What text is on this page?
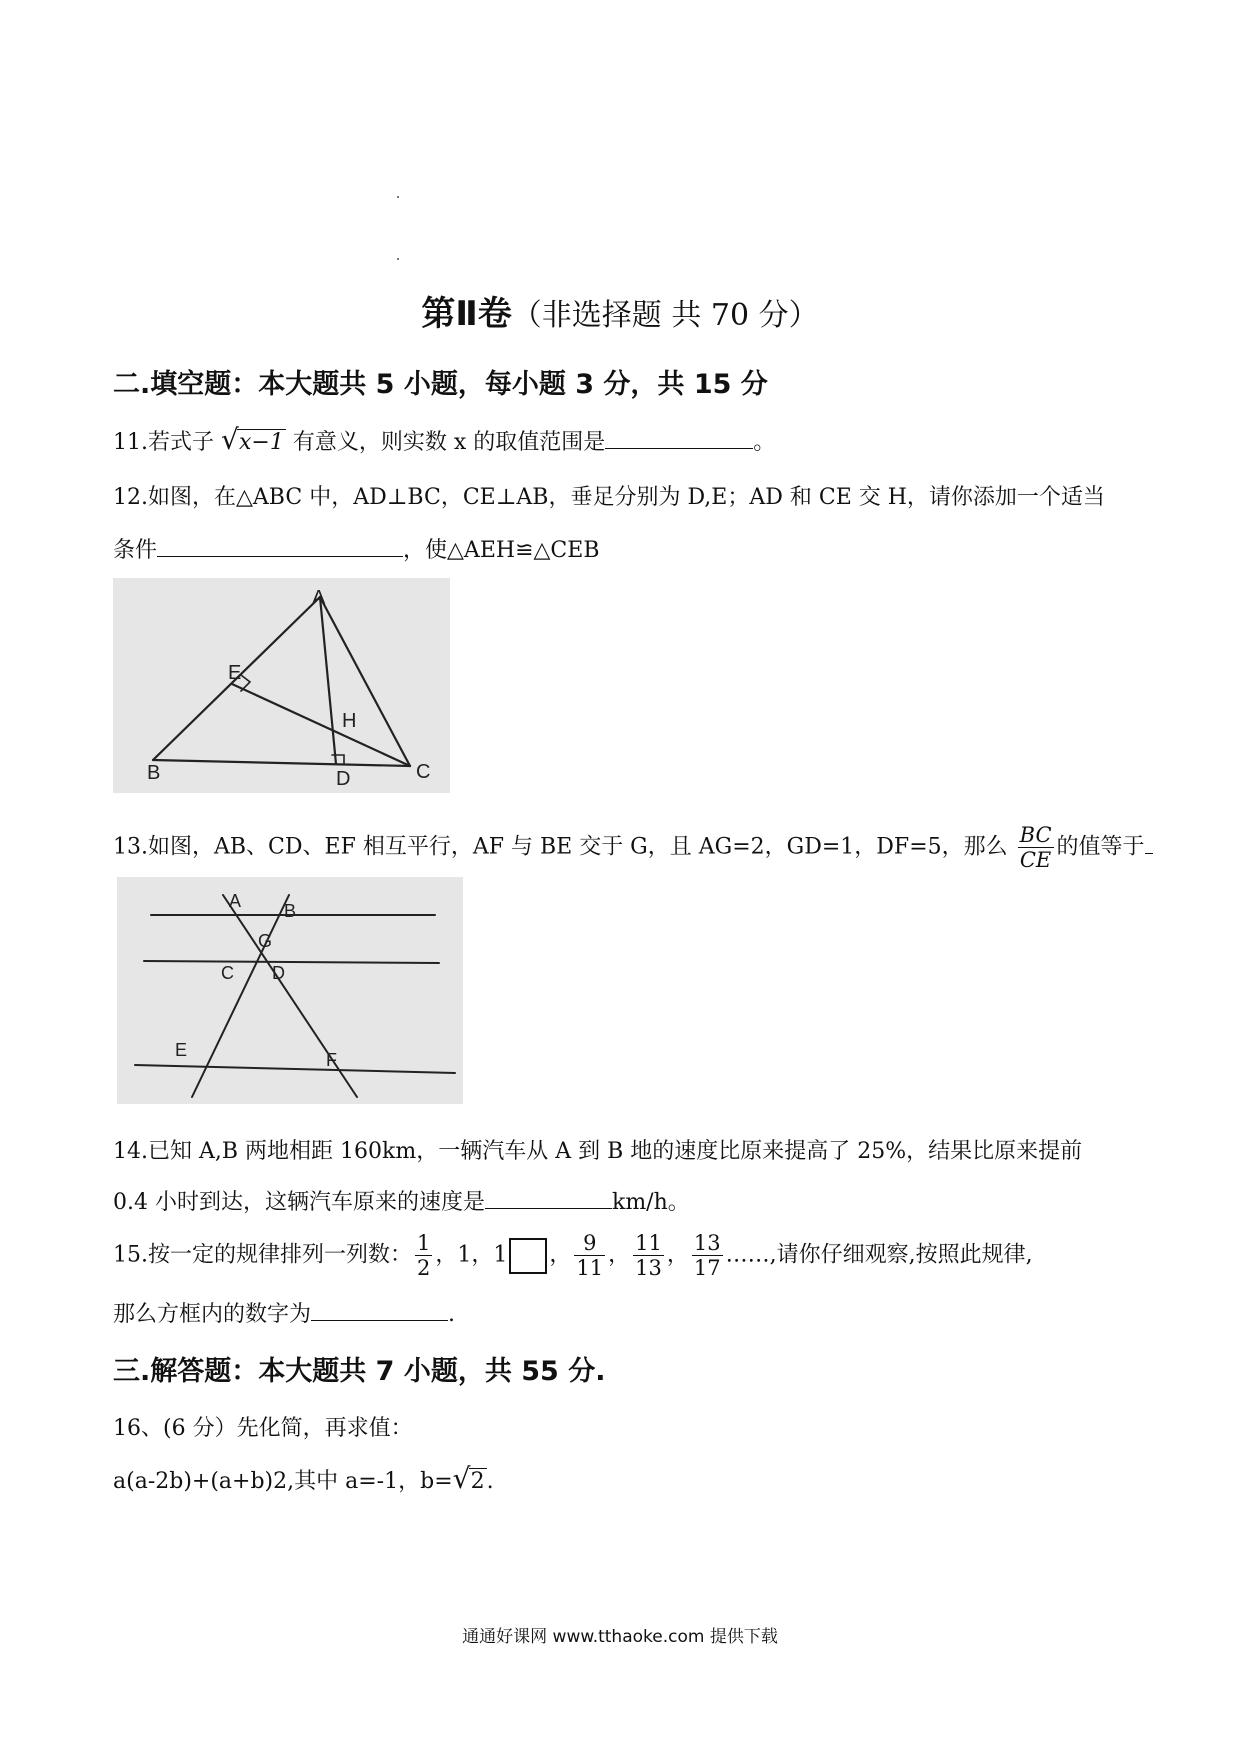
第Ⅱ卷（非选择题 共 70 分）
二.填空题：本大题共 5 小题，每小题 3 分，共 15 分
11.若式子 √ x−1 有意义，则实数 x 的取值范围是	。
12.如图，在△ABC 中，AD⊥BC，CE⊥AB，垂足分别为 D,E；AD 和 CE 交 H，请你添加一个适当
条件	，使△AEH≌△CEB
A
E
H
B	D	C
13.如图，AB、CD、EF 相互平行，AF 与 BE 交于 G，且 AG=2，GD=1，DF=5，那么 $\frac{BC}{CE}$ 的值等于
A B
G
C D
E	F
14.已知 A,B 两地相距 160km，一辆汽车从 A 到 B 地的速度比原来提高了 25%，结果比原来提前
0.4 小时到达，这辆汽车原来的速度是	km/h。
15.按一定的规律排列一列数： $\frac{1}{2}$ ，1，1 ， $\frac{9}{11}$ ， $\frac{11}{13}$ ， $\frac{13}{17}$ ……,请你仔细观察,按照此规律,
那么方框内的数字为	.
三.解答题：本大题共 7 小题，共 55 分.
16、(6 分）先化简，再求值：
a(a-2b)+(a+b)2,其中 a=-1，b= √ 2.
通通好课网 www.tthaoke.com 提供下载
